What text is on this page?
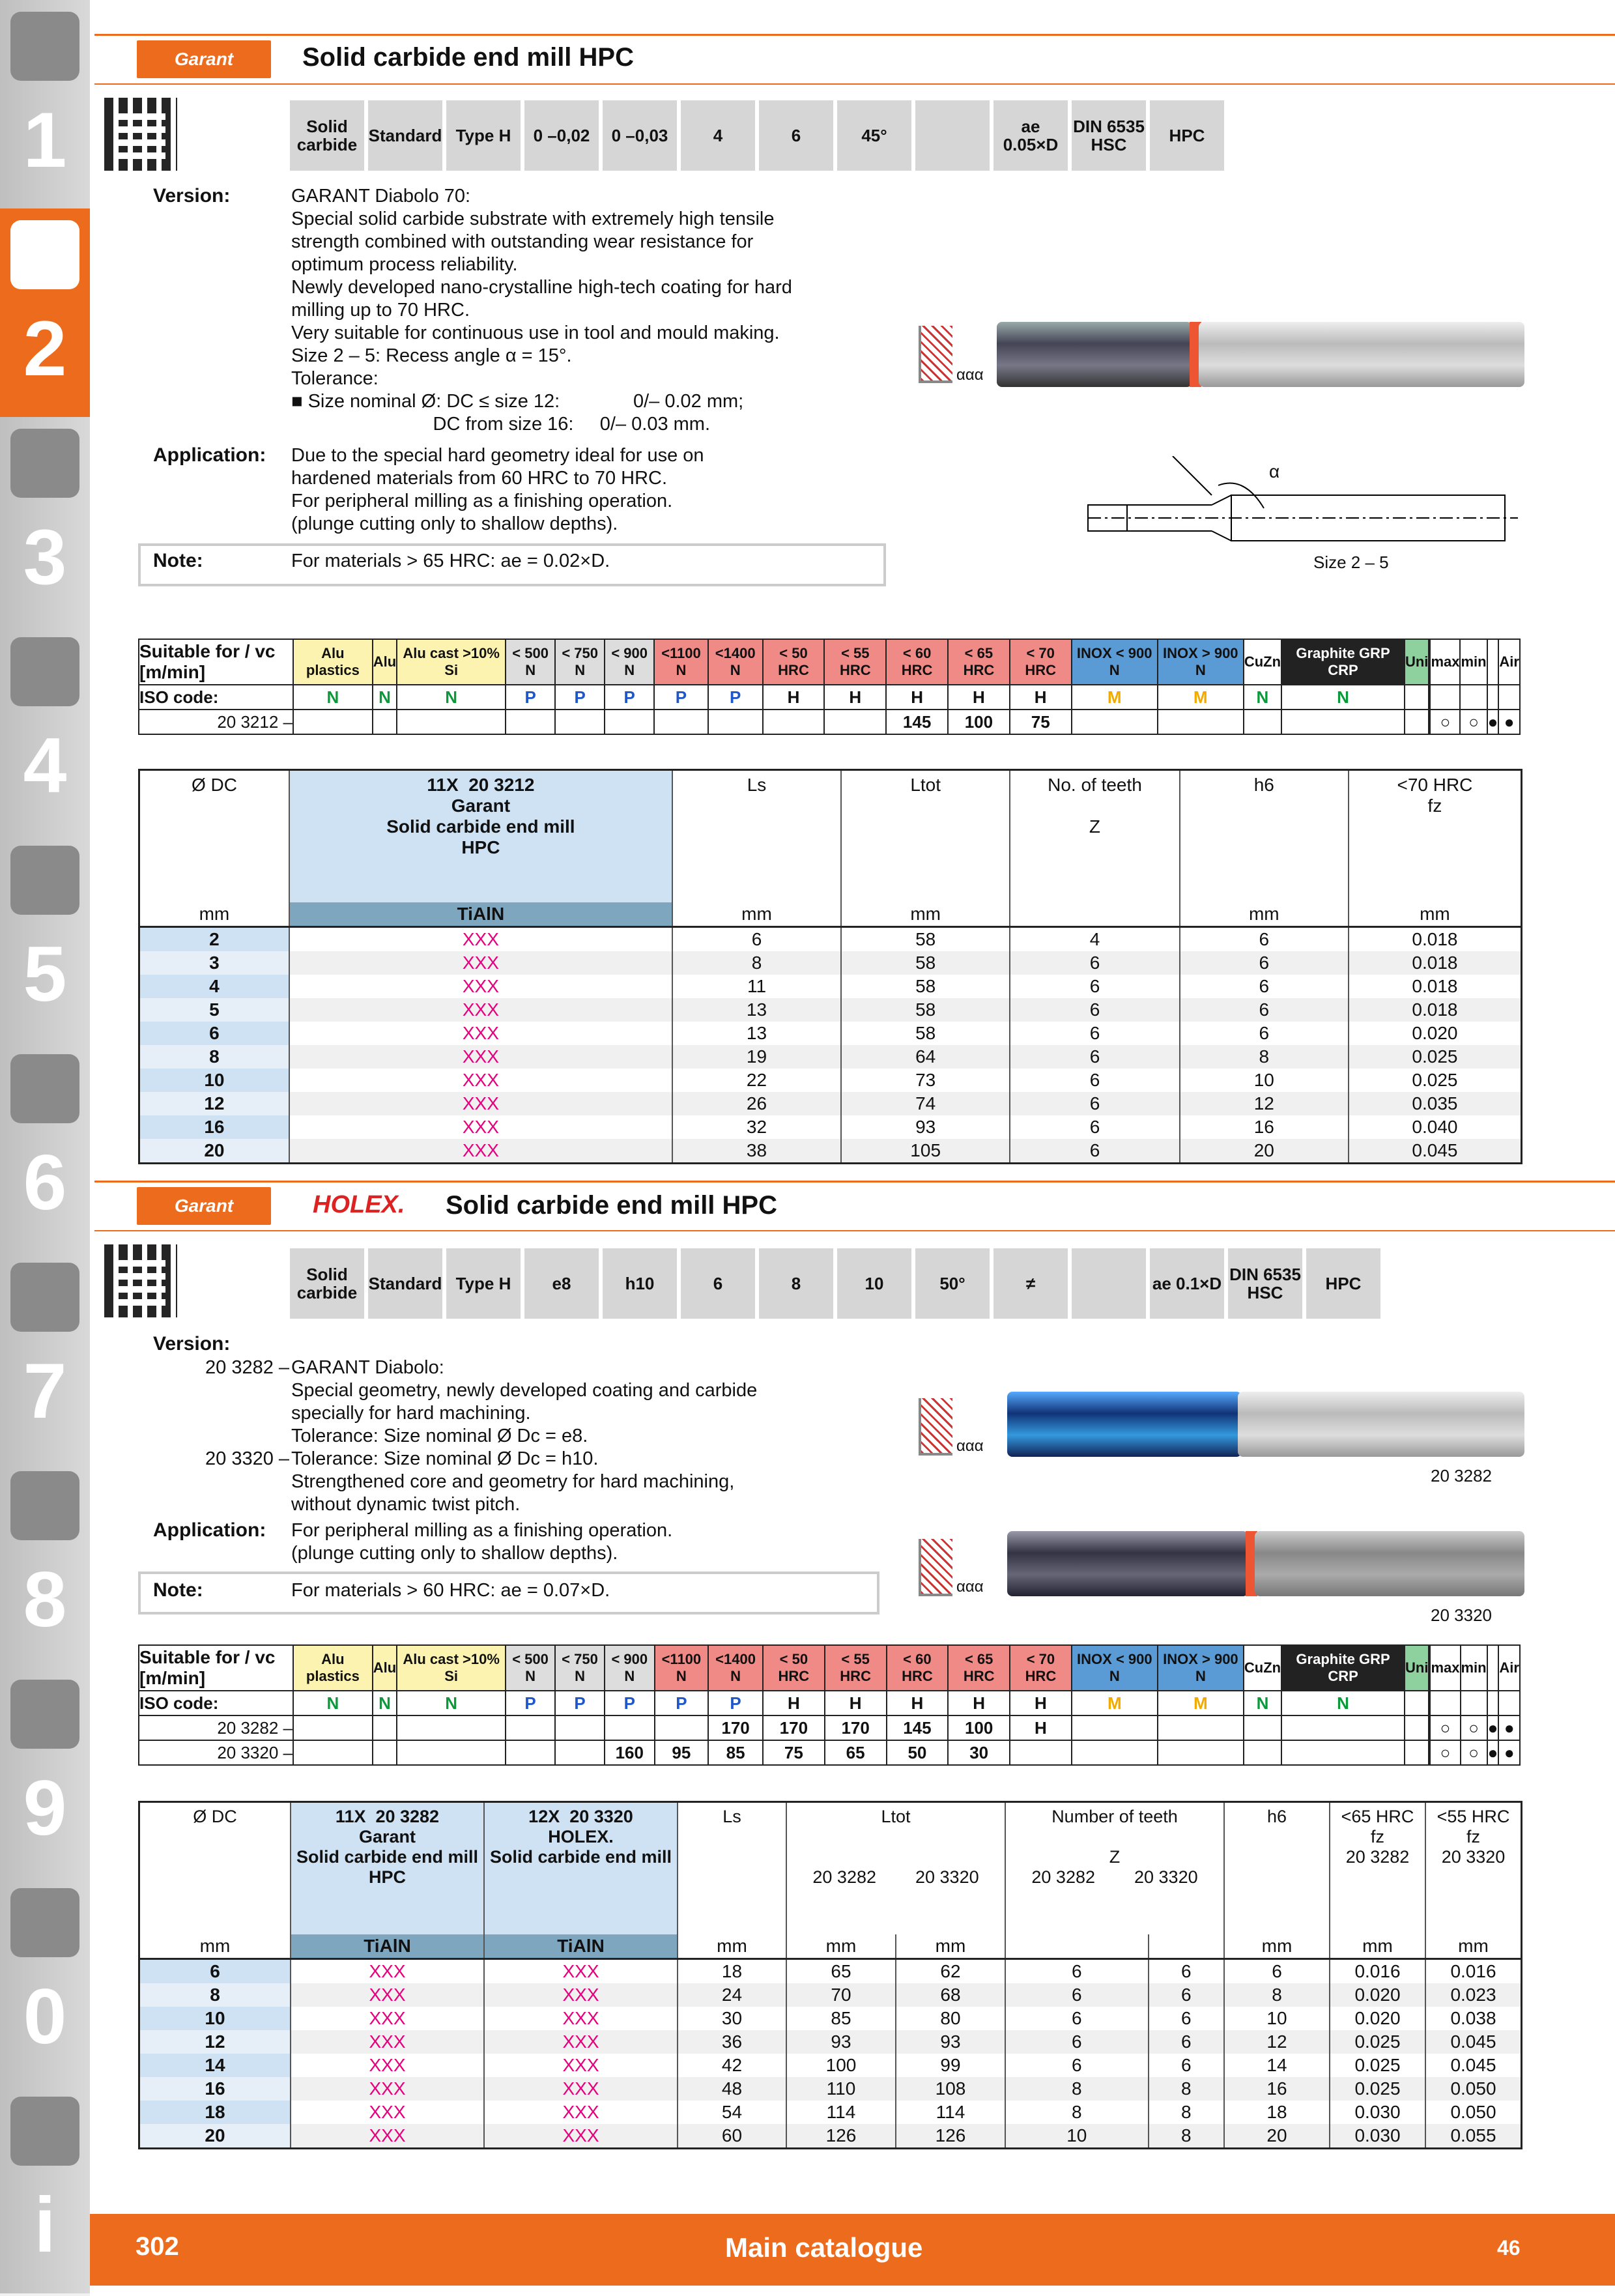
1
2
3
4
5
6
7
8
9
0
i
Garant	Solid carbide end mill HPC
Solid carbide Standard Type H	0 –0,02	0 –0,03	4	6	45°	ae 0.05×D
DIN 6535 HSC	HPC
Version:	GARANT Diabolo 70:
Special solid carbide substrate with extremely high tensile
strength combined with outstanding wear resistance for
optimum process reliability.
Newly developed nano-crystalline high-tech coating for hard
milling up to 70 HRC.
Very suitable for continuous use in tool and mould making.
Size 2 – 5: Recess angle α = 15°.
Tolerance:
■ Size nominal Ø: DC ≤ size 12:              0/– 0.02 mm;
DC from size 16:     0/– 0.03 mm.
Application: Due to the special hard geometry ideal for use on
hardened materials from 60 HRC to 70 HRC.
For peripheral milling as a finishing operation.
(plunge cutting only to shallow depths).
Note:	For materials > 65 HRC: ae = 0.02×D.
ααα
α
Size 2 – 5
Suitable for / vc [m/min]	Alu plastics	Alu	Alu cast >10% Si	< 500 N	< 750 N	< 900 N	<1100 N	<1400 N	< 50 HRC	< 55 HRC	< 60 HRC	< 65 HRC	< 70 HRC	INOX < 900 N	INOX > 900 N	CuZn	Graphite GRP CRP	Uni		max	min		Air
ISO code:	N	N	N	P	P	P	P	P	H	H	H	H	H	M	M	N	N						
20 3212 –											145	100	75							○	○	●	●
Ø DC	11X  20 3212
Garant
Solid carbide end mill
HPC	Ls	Ltot	No. of teeth

Z	h6	<70 HRC
fz
mm	TiAlN	mm	mm		mm	mm
2	XXX	6	58	4	6	0.018
3	XXX	8	58	6	6	0.018
4	XXX	11	58	6	6	0.018
5	XXX	13	58	6	6	0.018
6	XXX	13	58	6	6	0.020
8	XXX	19	64	6	8	0.025
10	XXX	22	73	6	10	0.025
12	XXX	26	74	6	12	0.035
16	XXX	32	93	6	16	0.040
20	XXX	38	105	6	20	0.045
Garant	HOLEX. Solid carbide end mill HPC
Solid carbide Standard Type H	e8	h10	6	8	10	50°	≠	ae 0.1×D DIN 6535 HSC	HPC
Version:
20 3282 – GARANT Diabolo:
Special geometry, newly developed coating and carbide
specially for hard machining.
Tolerance: Size nominal Ø Dc = e8.
20 3320 – Tolerance: Size nominal Ø Dc = h10.
Strengthened core and geometry for hard machining,
without dynamic twist pitch.
Application: For peripheral milling as a finishing operation.
(plunge cutting only to shallow depths).
Note:	For materials > 60 HRC: ae = 0.07×D.
ααα
20 3282
ααα
20 3320
Suitable for / vc [m/min]	Alu plastics	Alu	Alu cast >10% Si	< 500 N	< 750 N	< 900 N	<1100 N	<1400 N	< 50 HRC	< 55 HRC	< 60 HRC	< 65 HRC	< 70 HRC	INOX < 900 N	INOX > 900 N	CuZn	Graphite GRP CRP	Uni		max	min		Air
ISO code:	N	N	N	P	P	P	P	P	H	H	H	H	H	M	M	N	N						
20 3282 –								170	170	170	145	100	H							○	○	●	●
20 3320 –						160	95	85	75	65	50	30								○	○	●	●
Ø DC	11X  20 3282
Garant
Solid carbide end mill
HPC	12X  20 3320
HOLEX.
Solid carbide end mill	Ls	Ltot

20 3282        20 3320		Number of teeth

Z
20 3282        20 3320		h6	<65 HRC
fz
20 3282	<55 HRC
fz
20 3320
mm	TiAlN	TiAlN	mm	mm	mm			mm	mm	mm
6	XXX	XXX	18	65	62	6	6	6	0.016	0.016
8	XXX	XXX	24	70	68	6	6	8	0.020	0.023
10	XXX	XXX	30	85	80	6	6	10	0.020	0.038
12	XXX	XXX	36	93	93	6	6	12	0.025	0.045
14	XXX	XXX	42	100	99	6	6	14	0.025	0.045
16	XXX	XXX	48	110	108	8	8	16	0.025	0.050
18	XXX	XXX	54	114	114	8	8	18	0.030	0.050
20	XXX	XXX	60	126	126	10	8	20	0.030	0.055
302	Main catalogue	46
